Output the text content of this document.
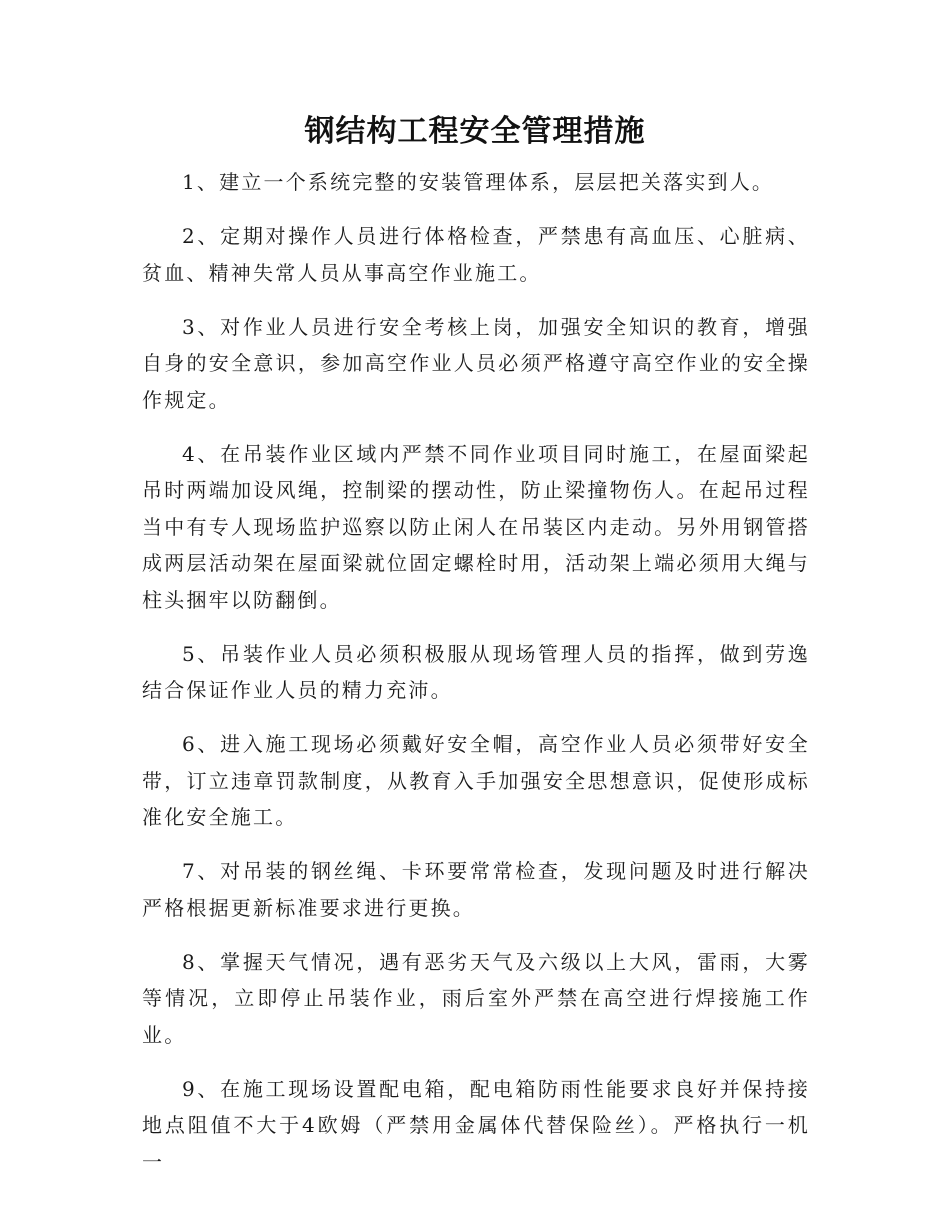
钢结构工程安全管理措施

1、建立一个系统完整的安装管理体系，层层把关落实到人。

2、定期对操作人员进行体格检查，严禁患有高血压、心脏病、贫血、精神失常人员从事高空作业施工。

3、对作业人员进行安全考核上岗，加强安全知识的教育，增强自身的安全意识，参加高空作业人员必须严格遵守高空作业的安全操作规定。

4、在吊装作业区域内严禁不同作业项目同时施工，在屋面梁起吊时两端加设风绳，控制梁的摆动性，防止梁撞物伤人。在起吊过程当中有专人现场监护巡察以防止闲人在吊装区内走动。另外用钢管搭成两层活动架在屋面梁就位固定螺栓时用，活动架上端必须用大绳与柱头捆牢以防翻倒。

5、吊装作业人员必须积极服从现场管理人员的指挥，做到劳逸结合保证作业人员的精力充沛。

6、进入施工现场必须戴好安全帽，高空作业人员必须带好安全带，订立违章罚款制度，从教育入手加强安全思想意识，促使形成标准化安全施工。

7、对吊装的钢丝绳、卡环要常常检查，发现问题及时进行解决严格根据更新标准要求进行更换。

8、掌握天气情况，遇有恶劣天气及六级以上大风，雷雨，大雾等情况，立即停止吊装作业，雨后室外严禁在高空进行焊接施工作业。

9、在施工现场设置配电箱，配电箱防雨性能要求良好并保持接地点阻值不大于4欧姆（严禁用金属体代替保险丝）。严格执行一机一
